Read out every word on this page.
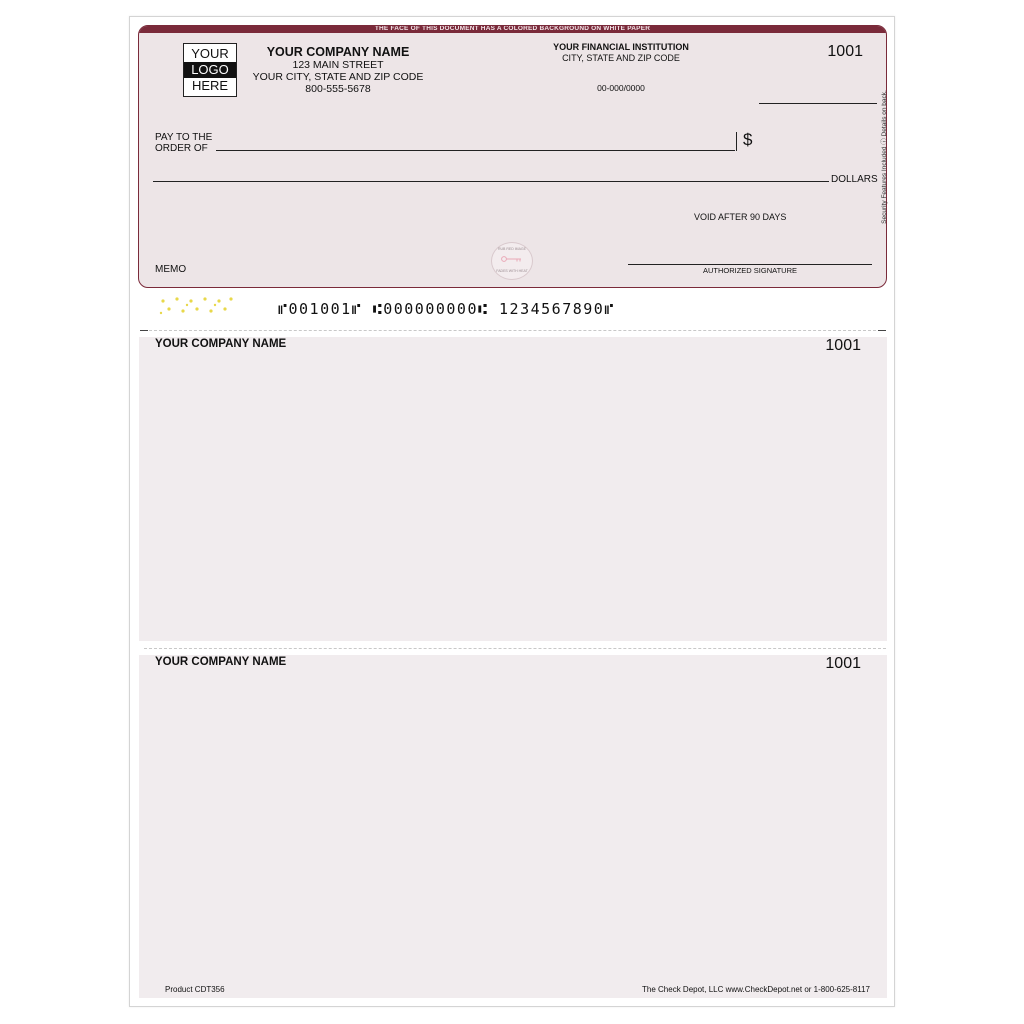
THE FACE OF THIS DOCUMENT HAS A COLORED BACKGROUND ON WHITE PAPER
YOUR
LOGO
HERE
YOUR COMPANY NAME
123 MAIN STREET
YOUR CITY, STATE AND ZIP CODE
800-555-5678
YOUR FINANCIAL INSTITUTION
CITY, STATE AND ZIP CODE
00-000/0000
1001
PAY TO THE
ORDER OF	$
DOLLARS
VOID AFTER 90 DAYS
RUB RED IMAGE
FADES WITH HEAT
MEMO	AUTHORIZED SIGNATURE
Security Features Included ⓘ Details on back.
⑈001001⑈ ⑆000000000⑆ 1234567890⑈
YOUR COMPANY NAME	1001
YOUR COMPANY NAME	1001
Product CDT356	The Check Depot, LLC www.CheckDepot.net or 1-800-625-8117
